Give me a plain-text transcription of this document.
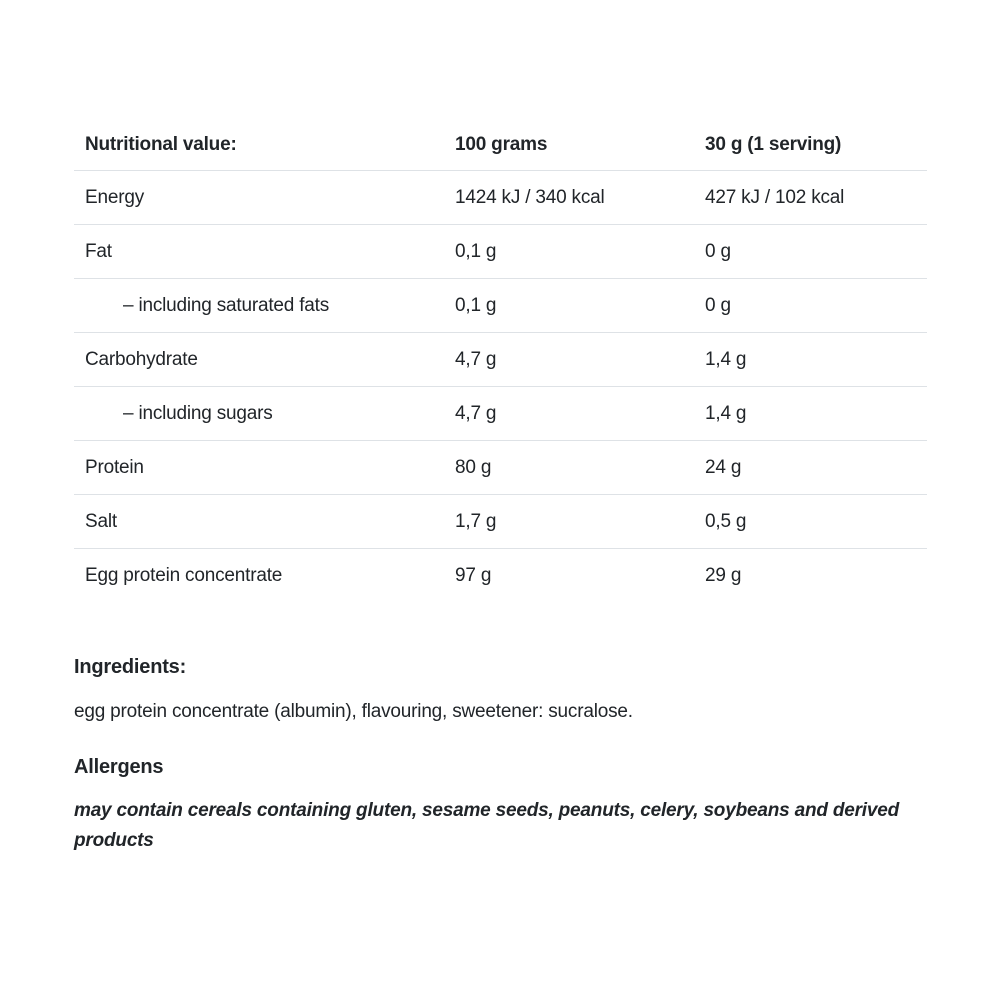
Nutritional value:	100 grams	30 g (1 serving)
Energy	1424 kJ / 340 kcal	427 kJ / 102 kcal
Fat	0,1 g	0 g
– including saturated fats	0,1 g	0 g
Carbohydrate	4,7 g	1,4 g
– including sugars	4,7 g	1,4 g
Protein	80 g	24 g
Salt	1,7 g	0,5 g
Egg protein concentrate	97 g	29 g
Ingredients:

egg protein concentrate (albumin), flavouring, sweetener: sucralose.

Allergens

may contain cereals containing gluten, sesame seeds, peanuts, celery, soybeans and derived products
